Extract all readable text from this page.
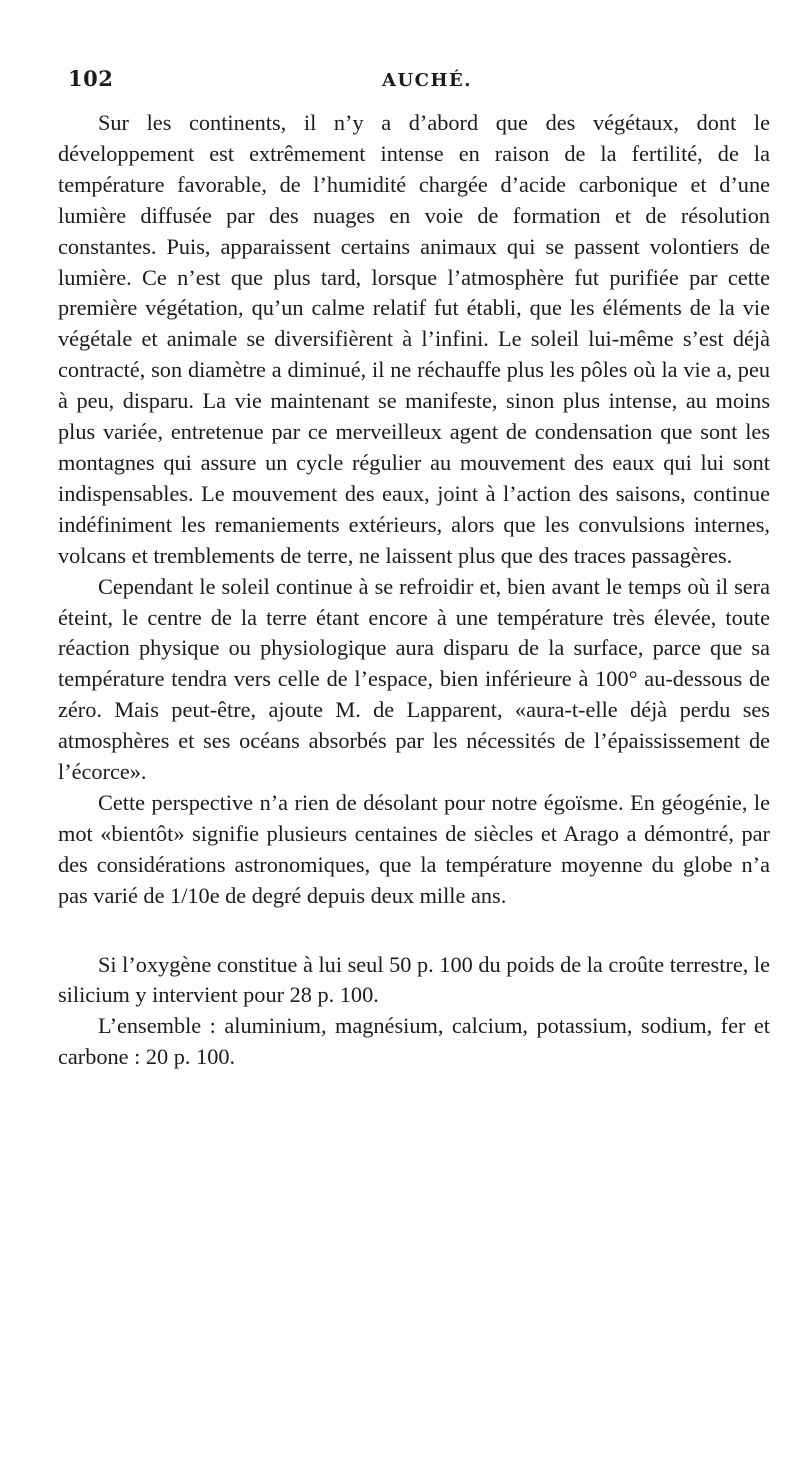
102	AUCHÉ.

Sur les continents, il n’y a d’abord que des végétaux, dont le développement est extrêmement intense en raison de la fertilité, de la température favorable, de l’humidité chargée d’acide carbonique et d’une lumière diffusée par des nuages en voie de formation et de résolution constantes. Puis, apparaissent certains animaux qui se passent volontiers de lumière. Ce n’est que plus tard, lorsque l’atmosphère fut purifiée par cette première végétation, qu’un calme relatif fut établi, que les éléments de la vie végétale et animale se diversifièrent à l’infini. Le soleil lui-même s’est déjà contracté, son diamètre a diminué, il ne réchauffe plus les pôles où la vie a, peu à peu, disparu. La vie maintenant se manifeste, sinon plus intense, au moins plus variée, entretenue par ce merveilleux agent de condensation que sont les montagnes qui assure un cycle régulier au mouvement des eaux qui lui sont indispensables. Le mouvement des eaux, joint à l’action des saisons, continue indéfiniment les remaniements extérieurs, alors que les convulsions internes, volcans et tremblements de terre, ne laissent plus que des traces passagères.

Cependant le soleil continue à se refroidir et, bien avant le temps où il sera éteint, le centre de la terre étant encore à une température très élevée, toute réaction physique ou physiologique aura disparu de la surface, parce que sa température tendra vers celle de l’espace, bien inférieure à 100° au-dessous de zéro. Mais peut-être, ajoute M. de Lapparent, «aura-t-elle déjà perdu ses atmosphères et ses océans absorbés par les nécessités de l’épaississement de l’écorce».

Cette perspective n’a rien de désolant pour notre égoïsme. En géogénie, le mot «bientôt» signifie plusieurs centaines de siècles et Arago a démontré, par des considérations astronomiques, que la température moyenne du globe n’a pas varié de 1/10e de degré depuis deux mille ans.

Si l’oxygène constitue à lui seul 50 p. 100 du poids de la croûte terrestre, le silicium y intervient pour 28 p. 100.

L’ensemble : aluminium, magnésium, calcium, potassium, sodium, fer et carbone : 20 p. 100.
